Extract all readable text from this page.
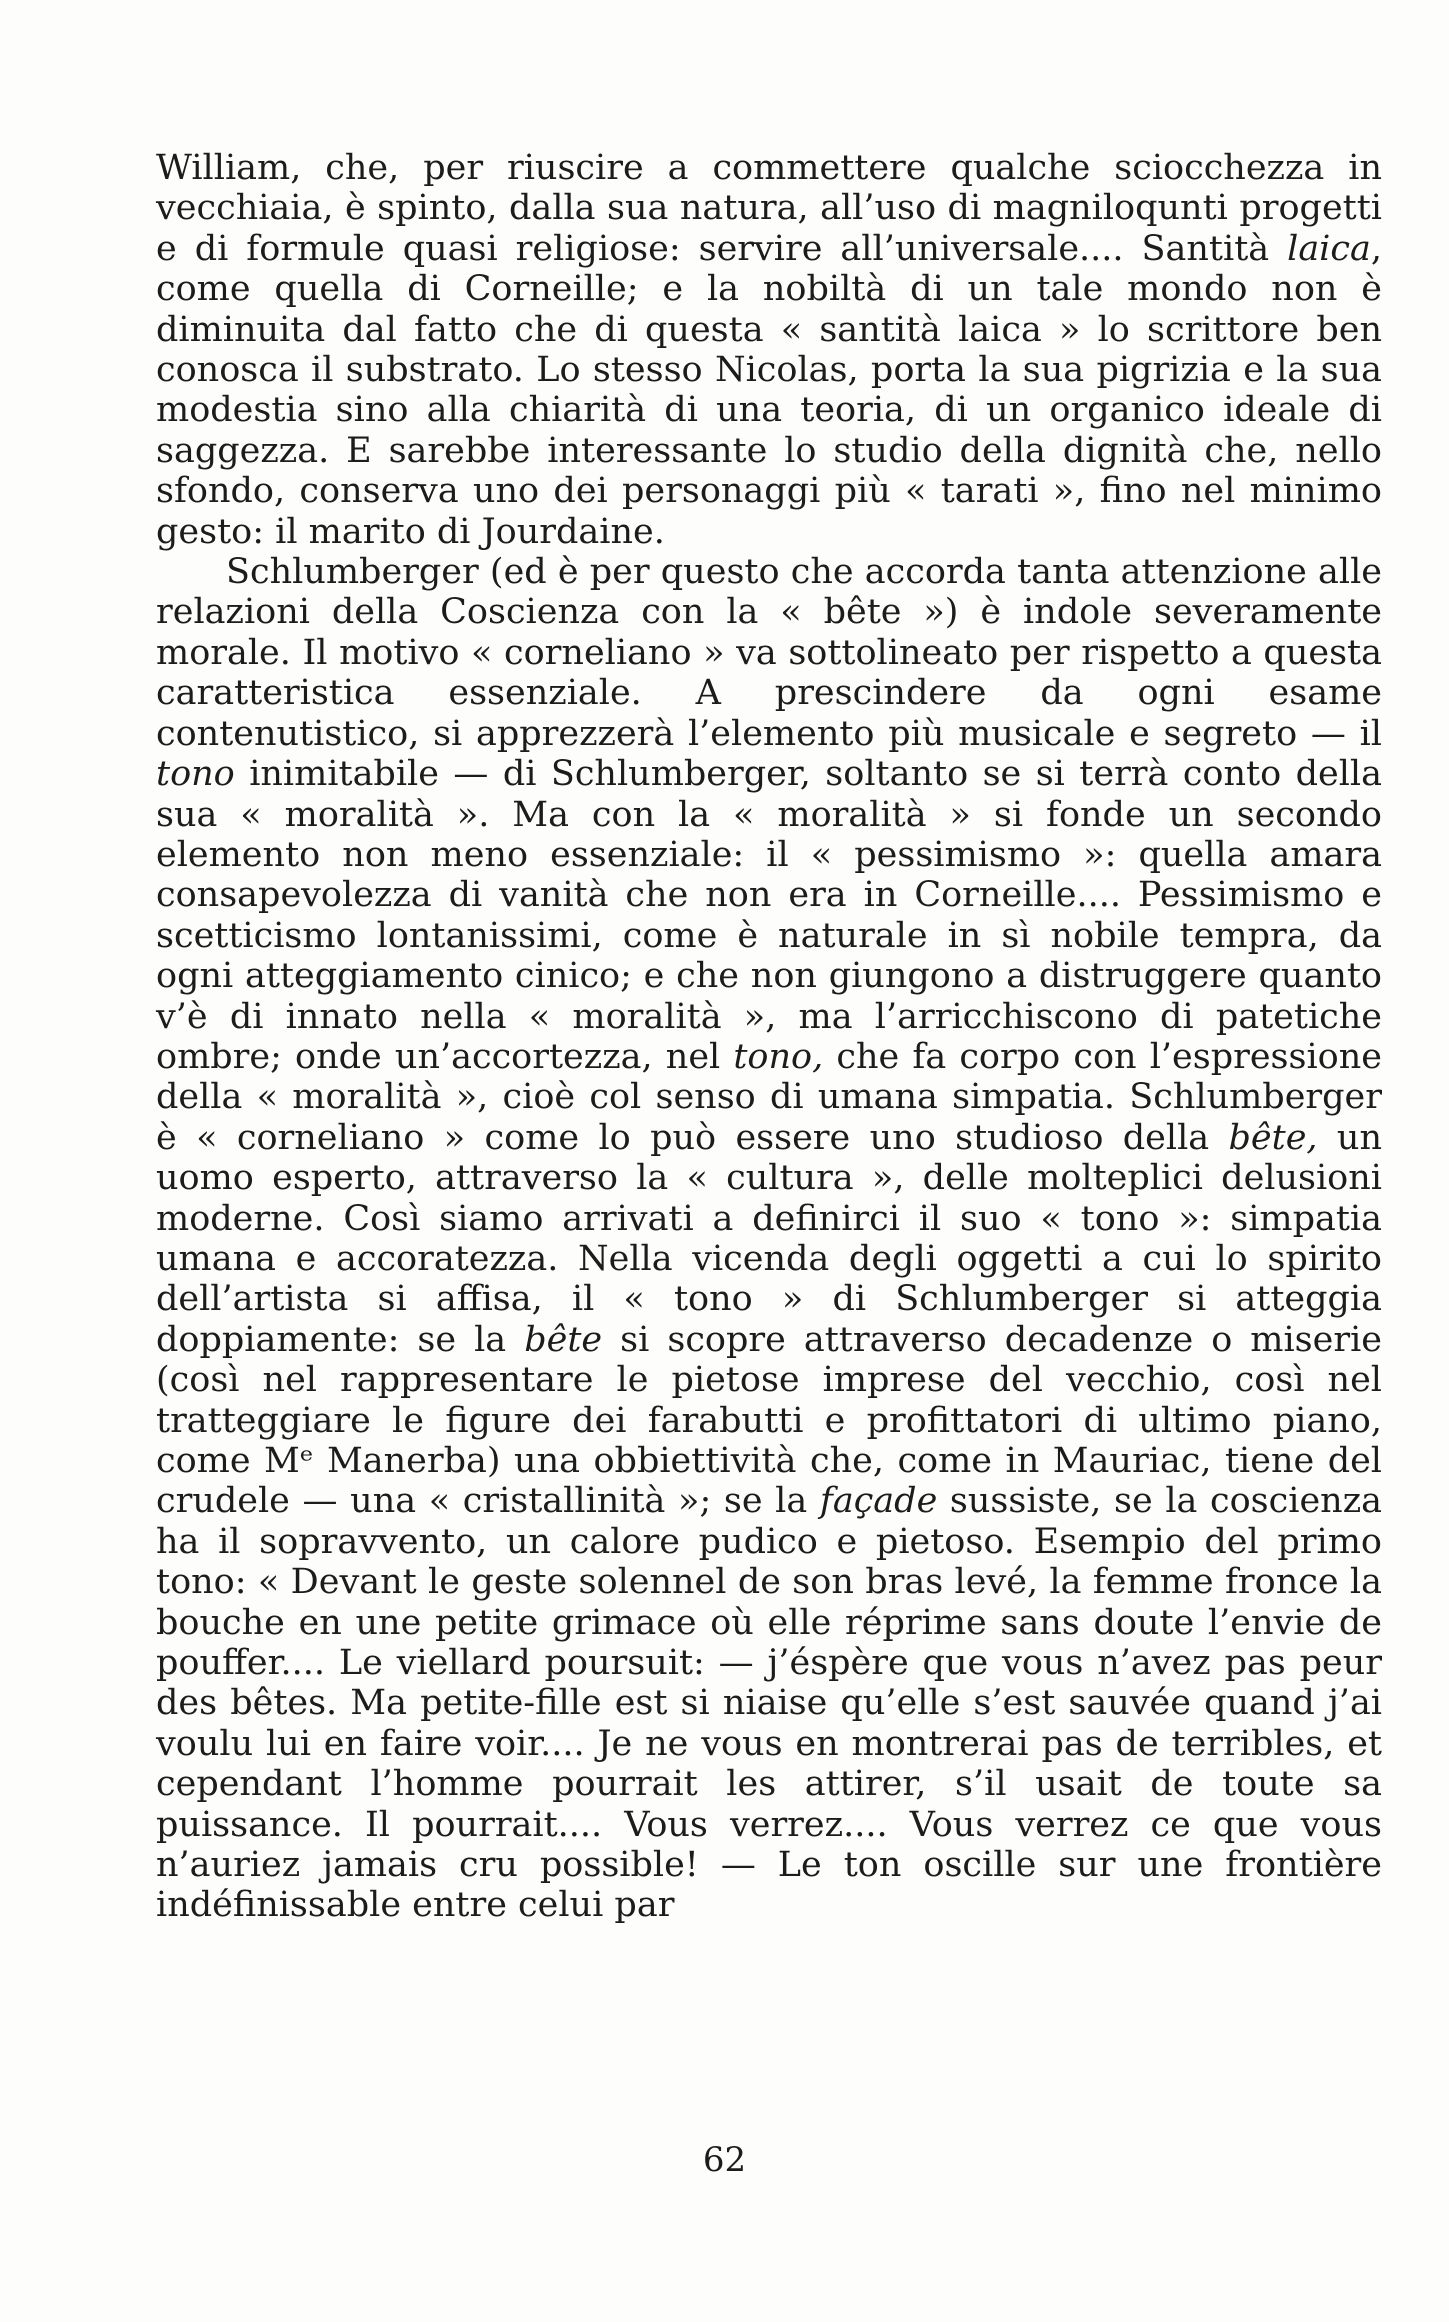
William, che, per riuscire a commettere qualche sciocchezza in vecchiaia, è spinto, dalla sua natura, all’uso di magniloqunti progetti e di formule quasi religiose: servire all’universale.... Santità laica, come quella di Corneille; e la nobiltà di un tale mondo non è diminuita dal fatto che di questa « santità laica » lo scrittore ben conosca il substrato. Lo stesso Nicolas, porta la sua pigrizia e la sua modestia sino alla chiarità di una teoria, di un organico ideale di saggezza. E sarebbe interessante lo studio della dignità che, nello sfondo, conserva uno dei personaggi più « tarati », fino nel minimo gesto: il marito di Jourdaine.

Schlumberger (ed è per questo che accorda tanta attenzione alle relazioni della Coscienza con la « bête ») è indole severamente morale. Il motivo « corneliano » va sottolineato per rispetto a questa caratteristica essenziale. A prescindere da ogni esame contenutistico, si apprezzerà l’elemento più musicale e segreto — il tono inimitabile — di Schlumberger, soltanto se si terrà conto della sua « moralità ». Ma con la « moralità » si fonde un secondo elemento non meno essenziale: il « pessimismo »: quella amara consapevolezza di vanità che non era in Corneille.... Pessimismo e scetticismo lontanissimi, come è naturale in sì nobile tempra, da ogni atteggiamento cinico; e che non giungono a distruggere quanto v’è di innato nella « moralità », ma l’arricchiscono di patetiche ombre; onde un’accortezza, nel tono, che fa corpo con l’espressione della « moralità », cioè col senso di umana simpatia. Schlumberger è « corneliano » come lo può essere uno studioso della bête, un uomo esperto, attraverso la « cultura », delle molteplici delusioni moderne. Così siamo arrivati a definirci il suo « tono »: simpatia umana e accoratezza. Nella vicenda degli oggetti a cui lo spirito dell’artista si affisa, il « tono » di Schlumberger si atteggia doppiamente: se la bête si scopre attraverso decadenze o miserie (così nel rappresentare le pietose imprese del vecchio, così nel tratteggiare le figure dei farabutti e profittatori di ultimo piano, come Mᵉ Manerba) una obbiettività che, come in Mauriac, tiene del crudele — una « cristallinità »; se la façade sussiste, se la coscienza ha il sopravvento, un calore pudico e pietoso. Esempio del primo tono: « Devant le geste solennel de son bras levé, la femme fronce la bouche en une petite grimace où elle réprime sans doute l’envie de pouffer.... Le viellard poursuit: — j’éspère que vous n’avez pas peur des bêtes. Ma petite-fille est si niaise qu’elle s’est sauvée quand j’ai voulu lui en faire voir.... Je ne vous en montrerai pas de terribles, et cependant l’homme pourrait les attirer, s’il usait de toute sa puissance. Il pourrait.... Vous verrez.... Vous verrez ce que vous n’auriez jamais cru possible! — Le ton oscille sur une frontière indéfinissable entre celui par

62
